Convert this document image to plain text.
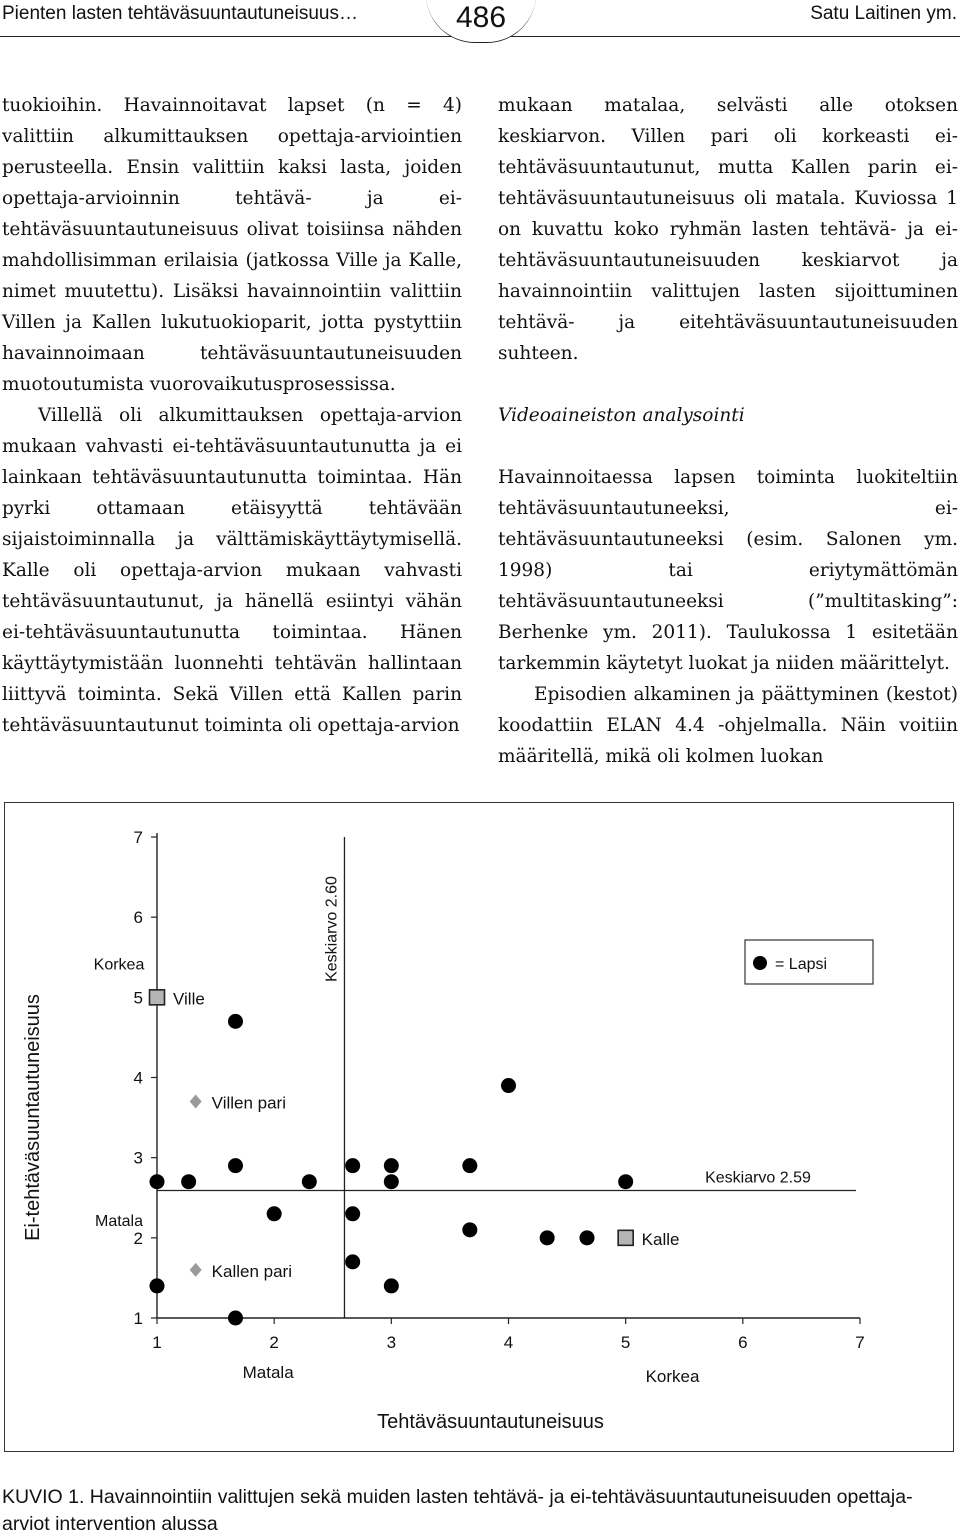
Pienten lasten tehtäväsuuntautuneisuus…	486	Satu Laitinen ym.

tuokioihin. Havainnoitavat lapset (n = 4) valittiin alkumittauksen opettaja-arviointien perusteella. Ensin valittiin kaksi lasta, joiden opettaja-arvioinnin tehtävä- ja ei-tehtäväsuuntautuneisuus olivat toisiinsa nähden mahdollisimman erilaisia (jatkossa Ville ja Kalle, nimet muutettu). Lisäksi havainnointiin valittiin Villen ja Kallen lukutuokioparit, jotta pystyttiin havainnoimaan tehtäväsuuntautuneisuuden muotoutumista vuorovaikutusprosessissa.

Villellä oli alkumittauksen opettaja-arvion mukaan vahvasti ei-tehtäväsuuntautunutta ja ei lainkaan tehtäväsuuntautunutta toimintaa. Hän pyrki ottamaan etäisyyttä tehtävään sijaistoiminnalla ja välttämiskäyttäytymisellä. Kalle oli opettaja-arvion mukaan vahvasti tehtäväsuuntautunut, ja hänellä esiintyi vähän ei-tehtäväsuuntautunutta toimintaa. Hänen käyttäytymistään luonnehti tehtävän hallintaan liittyvä toiminta. Sekä Villen että Kallen parin tehtäväsuuntautunut toiminta oli opettaja-arvion

mukaan matalaa, selvästi alle otoksen keskiarvon. Villen pari oli korkeasti ei-tehtäväsuuntautunut, mutta Kallen parin ei-tehtäväsuuntautuneisuus oli matala. Kuviossa 1 on kuvattu koko ryhmän lasten tehtävä- ja ei-tehtäväsuuntautuneisuuden keskiarvot ja havainnointiin valittujen lasten sijoittuminen tehtävä- ja eitehtäväsuuntautuneisuuden suhteen.

Videoaineiston analysointi

Havainnoitaessa lapsen toiminta luokiteltiin tehtäväsuuntautuneeksi, ei-tehtäväsuuntautuneeksi (esim. Salonen ym. 1998) tai eriytymättömän tehtäväsuuntautuneeksi (”multitasking”: Berhenke ym. 2011). Taulukossa 1 esitetään tarkemmin käytetyt luokat ja niiden määrittelyt.

Episodien alkaminen ja päättyminen (kestot) koodattiin ELAN 4.4 -ohjelmalla. Näin voitiin määritellä, mikä oli kolmen luokan

1	2	3	4	5	6	7
1
2
3
4
5
6
7
Keskiarvo 2.60
Keskiarvo 2.59
Tehtäväsuuntautuneisuus
Ei-tehtäväsuuntautuneisuus
Matala	Korkea
Korkea
Matala
= Lapsi
Ville
Villen pari
Kallen pari
Kalle
KUVIO 1. Havainnointiin valittujen sekä muiden lasten tehtävä- ja ei-tehtäväsuuntautuneisuuden opettaja-arviot intervention alussa
